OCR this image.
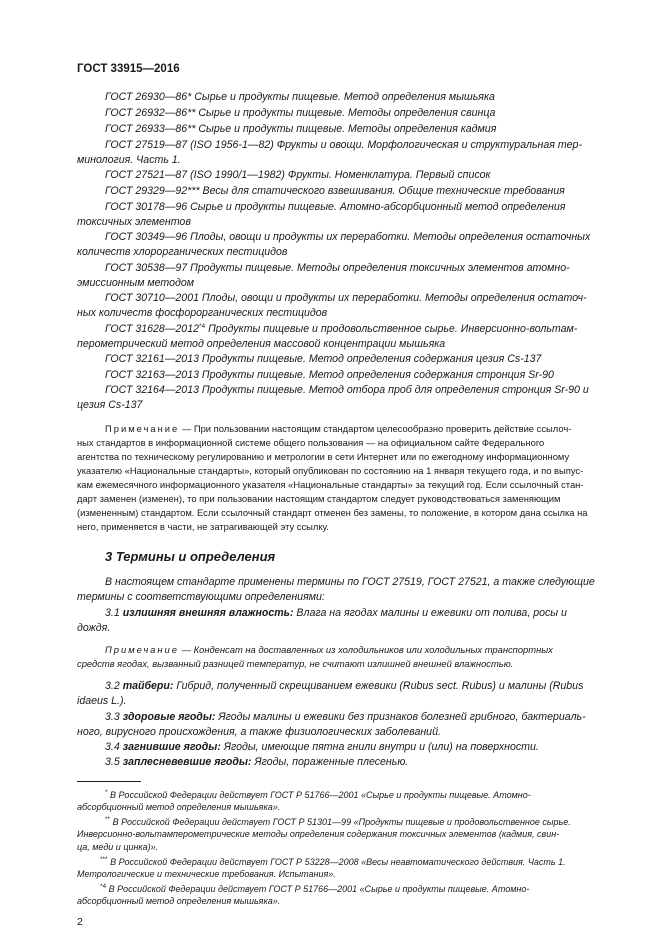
ГОСТ 33915—2016
ГОСТ 26930—86* Сырье и продукты пищевые. Метод определения мышьяка
ГОСТ 26932—86** Сырье и продукты пищевые. Методы определения свинца
ГОСТ 26933—86** Сырье и продукты пищевые. Методы определения кадмия
ГОСТ 27519—87 (ISO 1956-1—82) Фрукты и овощи. Морфологическая и структуральная тер-
минология. Часть 1.
ГОСТ 27521—87 (ISO 1990/1—1982) Фрукты. Номенклатура. Первый список
ГОСТ 29329—92*** Весы для статического взвешивания. Общие технические требования
ГОСТ 30178—96 Сырье и продукты пищевые. Атомно-абсорбционный метод определения
токсичных элементов
ГОСТ 30349—96 Плоды, овощи и продукты их переработки. Методы определения остаточных
количеств хлорорганических пестицидов
ГОСТ 30538—97 Продукты пищевые. Методы определения токсичных элементов атомно-
эмиссионным методом
ГОСТ 30710—2001 Плоды, овощи и продукты их переработки. Методы определения остаточ-
ных количеств фосфорорганических пестицидов
ГОСТ 31628—2012$^{*4}$ Продукты пищевые и продовольственное сырье. Инверсионно-вольтам-
перометрический метод определения массовой концентрации мышьяка
ГОСТ 32161—2013 Продукты пищевые. Метод определения содержания цезия Cs-137
ГОСТ 32163—2013 Продукты пищевые. Метод определения содержания стронция Sr-90
ГОСТ 32164—2013 Продукты пищевые. Метод отбора проб для определения стронция Sr-90 и
цезия Cs-137
Примечание — При пользовании настоящим стандартом целесообразно проверить действие ссылоч-
ных стандартов в информационной системе общего пользования — на официальном сайте Федерального
агентства по техническому регулированию и метрологии в сети Интернет или по ежегодному информационному
указателю «Национальные стандарты», который опубликован по состоянию на 1 января текущего года, и по выпус-
кам ежемесячного информационного указателя «Национальные стандарты» за текущий год. Если ссылочный стан-
дарт заменен (изменен), то при пользовании настоящим стандартом следует руководствоваться заменяющим
(измененным) стандартом. Если ссылочный стандарт отменен без замены, то положение, в котором дана ссылка на
него, применяется в части, не затрагивающей эту ссылку.
3 Термины и определения
В настоящем стандарте применены термины по ГОСТ 27519, ГОСТ 27521, а также следующие
термины с соответствующими определениями:
3.1 излишняя внешняя влажность: Влага на ягодах малины и ежевики от полива, росы и
дождя.
Примечание — Конденсат на доставленных из холодильников или холодильных транспортных
средств ягодах, вызванный разницей температур, не считают излишней внешней влажностью.
3.2 тайбери: Гибрид, полученный скрещиванием ежевики (Rubus sect. Rubus) и малины (Rubus
idaeus L.).
3.3 здоровые ягоды: Ягоды малины и ежевики без признаков болезней грибного, бактериаль-
ного, вирусного происхождения, а также физиологических заболеваний.
3.4 загнившие ягоды: Ягоды, имеющие пятна гнили внутри и (или) на поверхности.
3.5 заплесневевшие ягоды: Ягоды, пораженные плесенью.
* В Российской Федерации действует ГОСТ Р 51766—2001 «Сырье и продукты пищевые. Атомно-
абсорбционный метод определения мышьяка».
** В Российской Федерации действует ГОСТ Р 51301—99 «Продукты пищевые и продовольственное сырье.
Инверсионно-вольтамперометрические методы определения содержания токсичных элементов (кадмия, свин-
ца, меди и цинка)».
*** В Российской Федерации действует ГОСТ Р 53228—2008 «Весы неавтоматического действия. Часть 1.
Метрологические и технические требования. Испытания».
$^{*4}$ В Российской Федерации действует ГОСТ Р 51766—2001 «Сырье и продукты пищевые. Атомно-
абсорбционный метод определения мышьяка».
2
